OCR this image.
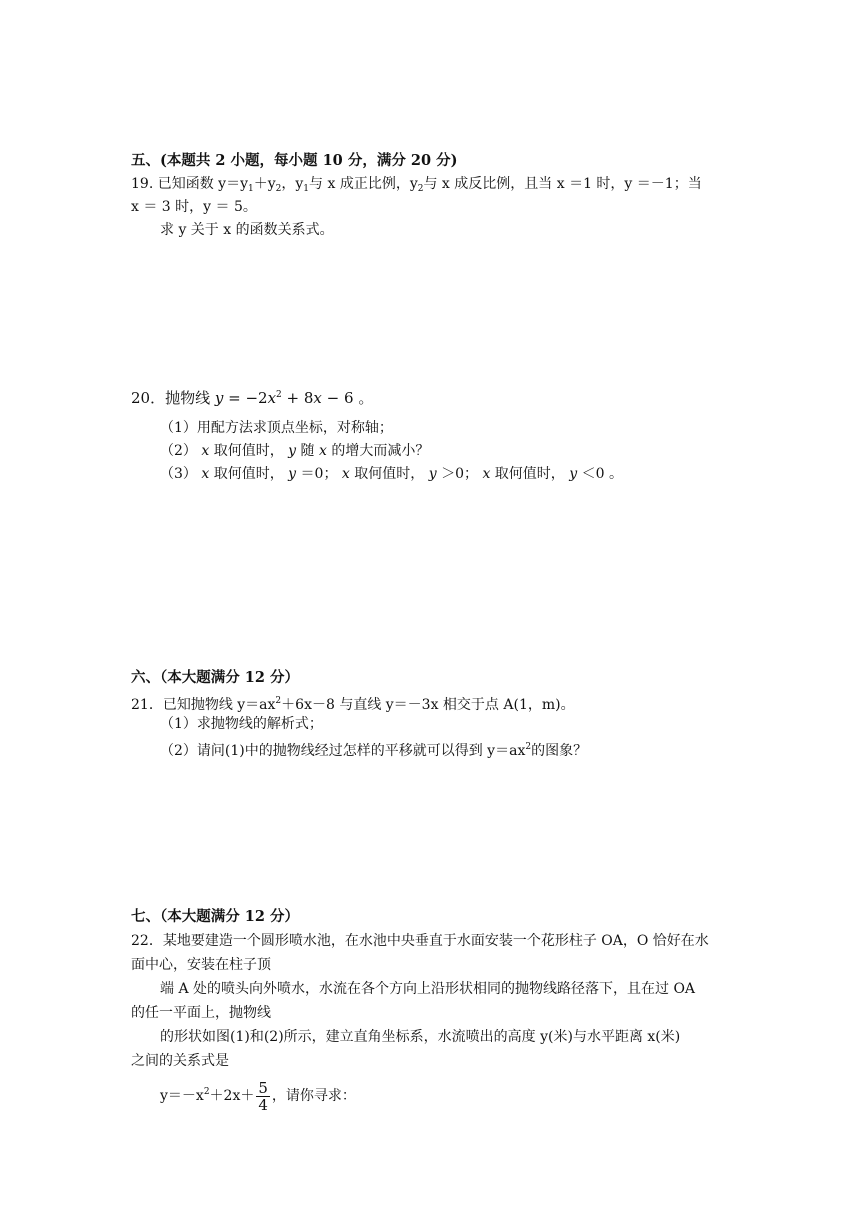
五、(本题共 2 小题，每小题 10 分，满分 20 分)
19. 已知函数 $y=y_1+y_2$，$y_1$与 x 成正比例，$y_2$与 x 成反比例，且当 x ＝1 时，y ＝－1；当
x ＝ 3 时，y ＝ 5。
求 y 关于 x 的函数关系式。
20．抛物线 $y = -2x^2 + 8x - 6$ 。
（1）用配方法求顶点坐标，对称轴；
（2） x 取何值时， y 随 x 的增大而减小？
（3） x 取何值时， y ＝0； x 取何值时， y ＞0； x 取何值时， y ＜0 。
六、（本大题满分 12 分）
21．已知抛物线 $y=ax^2+6x-8$ 与直线 y＝－3x 相交于点 A(1，m)。
（1）求抛物线的解析式；
（2）请问(1)中的抛物线经过怎样的平移就可以得到 $y=ax^2$的图象？
七、（本大题满分 12 分）
22．某地要建造一个圆形喷水池，在水池中央垂直于水面安装一个花形柱子 OA，O 恰好在水
面中心，安装在柱子顶
端 A 处的喷头向外喷水，水流在各个方向上沿形状相同的抛物线路径落下，且在过 OA
的任一平面上，抛物线
的形状如图(1)和(2)所示，建立直角坐标系，水流喷出的高度 y(米)与水平距离 x(米)
之间的关系式是
$y=-x^2+2x+ \frac{5}{4}$ ，请你寻求：
